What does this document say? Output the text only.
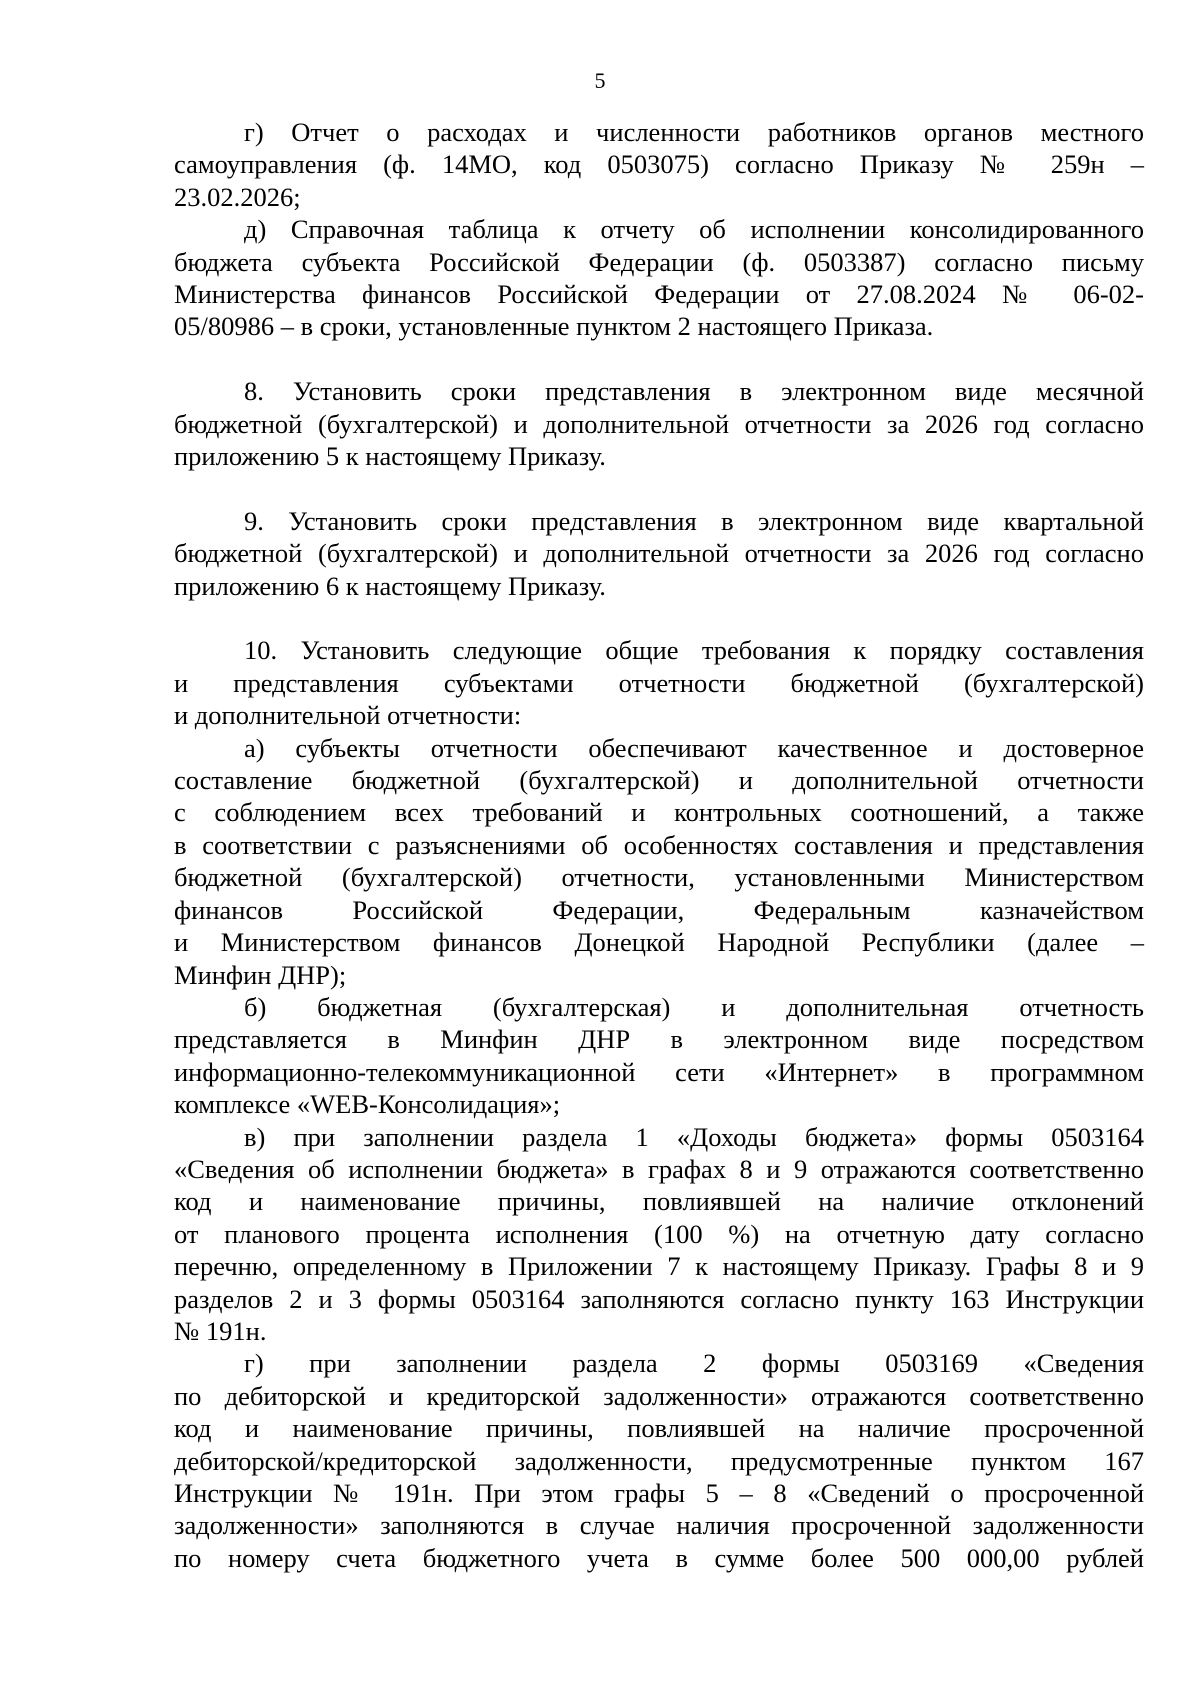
5

г) Отчет о расходах и численности работников органов местного

самоуправления (ф. 14МО, код 0503075) согласно Приказу № 259н –

23.02.2026;

д) Справочная таблица к отчету об исполнении консолидированного

бюджета субъекта Российской Федерации (ф. 0503387) согласно письму

Министерства финансов Российской Федерации от 27.08.2024 № 06-02-

05/80986 – в сроки, установленные пунктом 2 настоящего Приказа.

8. Установить сроки представления в электронном виде месячной

бюджетной (бухгалтерской) и дополнительной отчетности за 2026 год согласно

приложению 5 к настоящему Приказу.

9. Установить сроки представления в электронном виде квартальной

бюджетной (бухгалтерской) и дополнительной отчетности за 2026 год согласно

приложению 6 к настоящему Приказу.

10. Установить следующие общие требования к порядку составления

и представления субъектами отчетности бюджетной (бухгалтерской)

и дополнительной отчетности:

а) субъекты отчетности обеспечивают качественное и достоверное

составление бюджетной (бухгалтерской) и дополнительной отчетности

с соблюдением всех требований и контрольных соотношений, а также

в соответствии с разъяснениями об особенностях составления и представления

бюджетной (бухгалтерской) отчетности, установленными Министерством

финансов Российской Федерации, Федеральным казначейством

и Министерством финансов Донецкой Народной Республики (далее –

Минфин ДНР);

б) бюджетная (бухгалтерская) и дополнительная отчетность

представляется в Минфин ДНР в электронном виде посредством

информационно-телекоммуникационной сети «Интернет» в программном

комплексе «WEB-Консолидация»;

в) при заполнении раздела 1 «Доходы бюджета» формы 0503164

«Сведения об исполнении бюджета» в графах 8 и 9 отражаются соответственно

код и наименование причины, повлиявшей на наличие отклонений

от планового процента исполнения (100 %) на отчетную дату согласно

перечню, определенному в Приложении 7 к настоящему Приказу. Графы 8 и 9

разделов 2 и 3 формы 0503164 заполняются согласно пункту 163 Инструкции

№ 191н.

г) при заполнении раздела 2 формы 0503169 «Сведения

по дебиторской и кредиторской задолженности» отражаются соответственно

код и наименование причины, повлиявшей на наличие просроченной

дебиторской/кредиторской задолженности, предусмотренные пунктом 167

Инструкции № 191н. При этом графы 5 – 8 «Сведений о просроченной

задолженности» заполняются в случае наличия просроченной задолженности

по номеру счета бюджетного учета в сумме более 500 000,00 рублей
